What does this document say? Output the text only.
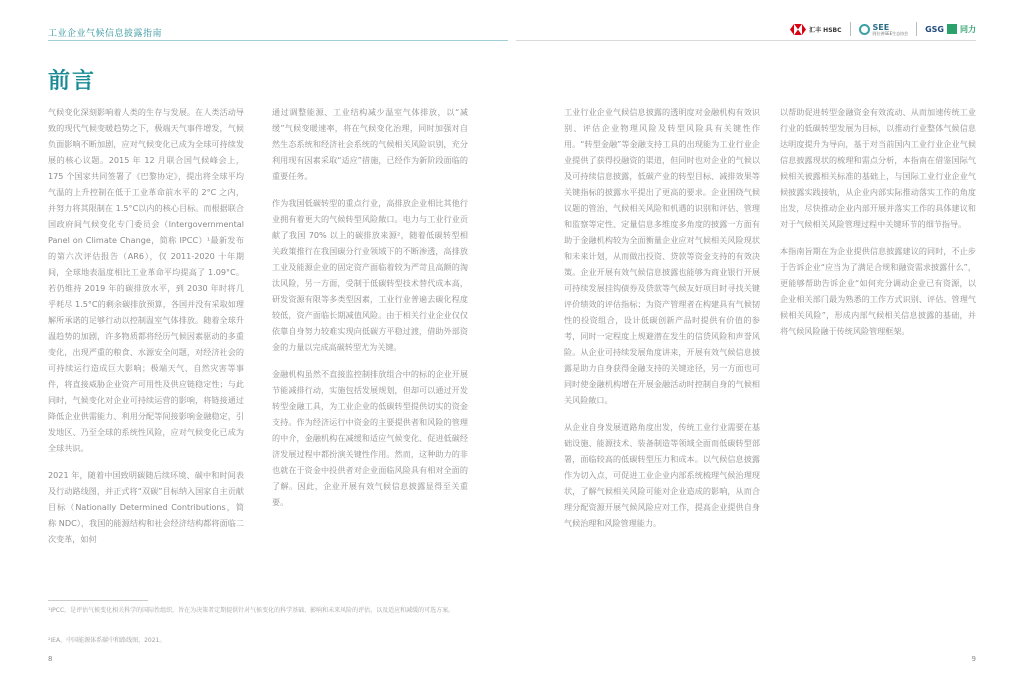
工业企业气候信息披露指南	汇丰 HSBC	SEE
阿拉善SEE生态协会 GSG 同力
前言

气候变化深刻影响着人类的生存与发展。在人类活动导致的现代气候变暖趋势之下，极端天气事件增发，气候负面影响不断加剧，应对气候变化已成为全球可持续发展的核心议题。2015 年 12 月联合国气候峰会上，175 个国家共同签署了《巴黎协定》，提出将全球平均气温的上升控制在低于工业革命前水平的 2°C 之内，并努力将其限制在 1.5°C以内的核心目标。而根据联合国政府间气候变化专门委员会（Intergovernmental Panel on Climate Change，简称 IPCC）¹最新发布的第六次评估报告（AR6），仅 2011-2020 十年期间，全球地表温度相比工业革命平均提高了 1.09°C。若仍维持 2019 年的碳排放水平，到 2030 年时将几乎耗尽 1.5°C的剩余碳排放预算，各国并没有采取如理解所承诺的足够行动以控制温室气体排放。随着全球升温趋势的加剧，许多物质都将经历气候因素驱动的多重变化，出现严重的粮食、水源安全问题，对经济社会的可持续运行造成巨大影响；极端天气、自然灾害等事件，将直接威胁企业资产可用性及供应链稳定性；与此同时，气候变化对企业可持续运营的影响，将链接通过降低企业供需能力、利用分配等间接影响金融稳定，引发地区、乃至全球的系统性风险，应对气候变化已成为全球共识。

2021 年，随着中国致明碳随后续环境、碳中和时间表及行动路线图，并正式将“双碳”目标纳入国家自主贡献目标（Nationally Determined Contributions，简称 NDC），我国的能源结构和社会经济结构都将面临二次变革，如何

通过调整能源、工业结构减少温室气体排放，以“减缓”气候变暖速率，将在气候变化治理，同时加强对自然生态系统和经济社会系统的气候相关风险识别，充分利用现有因素采取“适应”措施，已经作为新阶段面临的重要任务。

作为我国低碳转型的重点行业，高排放企业相比其他行业拥有着更大的气候转型风险敞口。电力与工业行业贡献了我国 70% 以上的碳排放来源²，随着低碳转型相关政策推行在我国碳分行业领域下的不断渗透，高排放工业及能源企业的固定资产面临着较为严苛且高额的淘汰风险，另一方面，受制于低碳转型技术替代成本高，研发资源有限等多类型因素，工业行业普遍去碳化程度较低，资产面临长期减值风险。由于相关行业企业仅仅依靠自身努力较难实现向低碳方平稳过渡，借助外部资金的力量以完成高碳转型尤为关键。

金融机构虽然不直接监控制排放组合中的标的企业开展节能减排行动，实施包括发展规划，但却可以通过开发转型金融工具，为工业企业的低碳转型提供切实的资金支持。作为经济运行中资金的主要提供者和风险的管理的中介，金融机构在减缓和适应气候变化、促进低碳经济发展过程中都扮演关键性作用。然而，这种助力的非也就在于资金中投供者对企业面临风险具有相对全面的了解。因此，企业开展有效气候信息披露显得至关重要。

工业行业企业气候信息披露的透明度对金融机构有效识别、评估企业物理风险及转型风险具有关键性作用。“转型金融”等金融支持工具的出现能为工业行业企业提供了获得投融资的渠道，但同时也对企业的气候以及可持续信息披露，低碳产业的转型目标、减排效果等关键指标的披露水平提出了更高的要求。企业围绕气候议题的管治、气候相关风险和机遇的识别和评估、管理和监察等定性、定量信息多维度多角度的披露一方面有助于金融机构较为全面衡量企业应对气候相关风险现状和未来计划，从而做出投资、贷款等资金支持的有效决策。企业开展有效气候信息披露也能够为商业银行开展可持续发展挂钩债券及贷款等气候友好项目时寻找关键评价绩效的评估指标；为资产管理者在构建具有气候韧性的投资组合，设计低碳创新产品时提供有价值的参考，同时一定程度上规避潜在发生的信贷风险和声誉风险。从企业可持续发展角度讲来，开展有效气候信息披露是助力自身获得金融支持的关键途径，另一方面也可同时使金融机构增在开展金融活动时控制自身的气候相关风险敞口。

从企业自身发展道路角度出发，传统工业行业需要在基础设施、能源技术、装备制造等领域全面而低碳转型部署，面临较高的低碳转型压力和成本。以气候信息披露作为切入点，可促进工业企业内部系统梳理气候治理现状，了解气候相关风险可能对企业造成的影响，从而合理分配资源开展气候风险应对工作，提高企业提供自身气候治理和风险管理能力。

以帮助促进转型金融资金有效流动、从而加速传统工业行业的低碳转型发展为目标，以推动行业整体气候信息达明度提升为导向，基于对当前国内工业行业企业气候信息披露现状的梳理和需点分析，本指南在借鉴国际气候相关被露相关标准的基础上，与国际工业行业企业气候披露实践接轨，从企业内部实际推动落实工作的角度出发，尽快推动企业内部开展并落实工作的具体建议和对于气候相关风险管理过程中关键环节的细节指导。

本指南旨期在为企业提供信息披露建议的同时，不止步于告诉企业“应当为了满足合规和融资需求披露什么”，更能够帮助告诉企业“如何充分调动企业已有资源，以企业相关部门最为熟悉的工作方式识别、评估、管理气候相关风险”，形成内部气候相关信息披露的基础，并将气候风险融于传统风险管理框架。

¹IPCC，是评估气候变化相关科学的国际性组织，旨在为决策者定期提供针对气候变化的科学基础、影响和未来风险的评估，以及适应和减缓的可选方案。
²IEA，中国能源体系碳中和路线图，2021。
8	9
